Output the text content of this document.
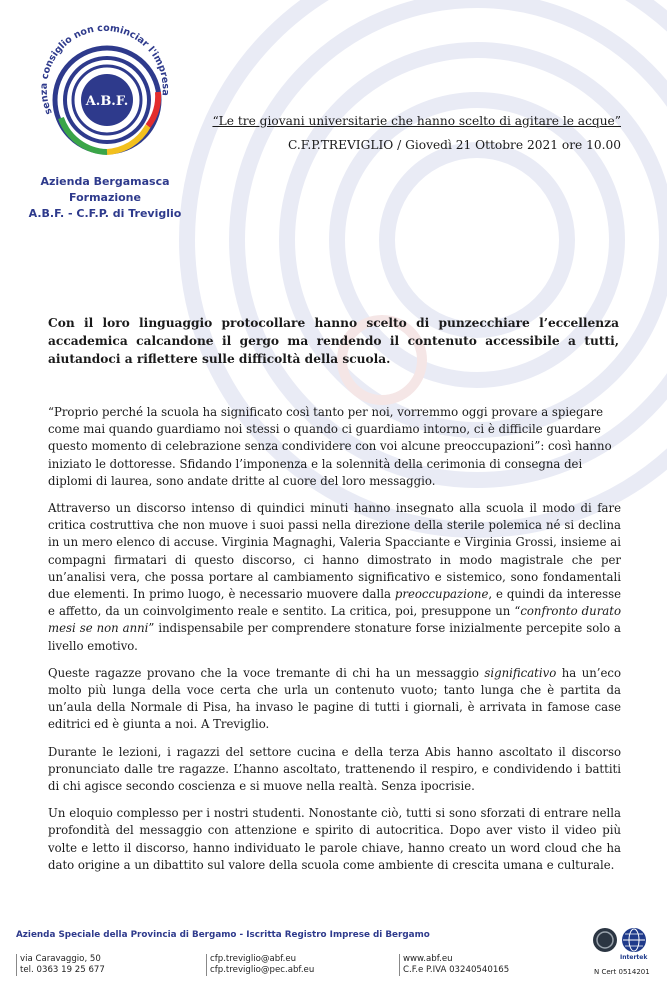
senza consiglio non cominciar l'impresa
A.B.F.
Azienda Bergamasca Formazione
A.B.F. - C.F.P. di Treviglio
“Le tre giovani universitarie che hanno scelto di agitare le acque”
C.F.P.TREVIGLIO / Giovedì 21 Ottobre 2021 ore 10.00
Con il loro linguaggio protocollare hanno scelto di punzecchiare l’eccellenza accademica calcandone il gergo ma rendendo il contenuto accessibile a tutti, aiutandoci a riflettere sulle difficoltà della scuola.

“Proprio perché la scuola ha significato così tanto per noi, vorremmo oggi provare a spiegare come mai quando guardiamo noi stessi o quando ci guardiamo intorno, ci è difficile guardare questo momento di celebrazione senza condividere con voi alcune preoccupazioni”: così hanno iniziato le dottoresse. Sfidando l’imponenza e la solennità della cerimonia di consegna dei diplomi di laurea, sono andate dritte al cuore del loro messaggio.

Attraverso un discorso intenso di quindici minuti hanno insegnato alla scuola il modo di fare critica costruttiva che non muove i suoi passi nella direzione della sterile polemica né si declina in un mero elenco di accuse. Virginia Magnaghi, Valeria Spacciante e Virginia Grossi, insieme ai compagni firmatari di questo discorso, ci hanno dimostrato in modo magistrale che per un’analisi vera, che possa portare al cambiamento significativo e sistemico, sono fondamentali due elementi. In primo luogo, è necessario muovere dalla preoccupazione, e quindi da interesse e affetto, da un coinvolgimento reale e sentito. La critica, poi, presuppone un “confronto durato mesi se non anni” indispensabile per comprendere stonature forse inizialmente percepite solo a livello emotivo.

Queste ragazze provano che la voce tremante di chi ha un messaggio significativo ha un’eco molto più lunga della voce certa che urla un contenuto vuoto; tanto lunga che è partita da un’aula della Normale di Pisa, ha invaso le pagine di tutti i giornali, è arrivata in famose case editrici ed è giunta a noi. A Treviglio.

Durante le lezioni, i ragazzi del settore cucina e della terza Abis hanno ascoltato il discorso pronunciato dalle tre ragazze. L’hanno ascoltato, trattenendo il respiro, e condividendo i battiti di chi agisce secondo coscienza e si muove nella realtà. Senza ipocrisie.

Un eloquio complesso per i nostri studenti. Nonostante ciò, tutti si sono sforzati di entrare nella profondità del messaggio con attenzione e spirito di autocritica. Dopo aver visto il video più volte e letto il discorso, hanno individuato le parole chiave, hanno creato un word cloud che ha dato origine a un dibattito sul valore della scuola come ambiente di crescita umana e culturale.

Azienda Speciale della Provincia di Bergamo - Iscritta Registro Imprese di Bergamo
via Caravaggio, 50
tel. 0363 19 25 677
cfp.treviglio@abf.eu
cfp.treviglio@pec.abf.eu
www.abf.eu
C.F.e P.IVA 03240540165
Intertek
N Cert 0514201
